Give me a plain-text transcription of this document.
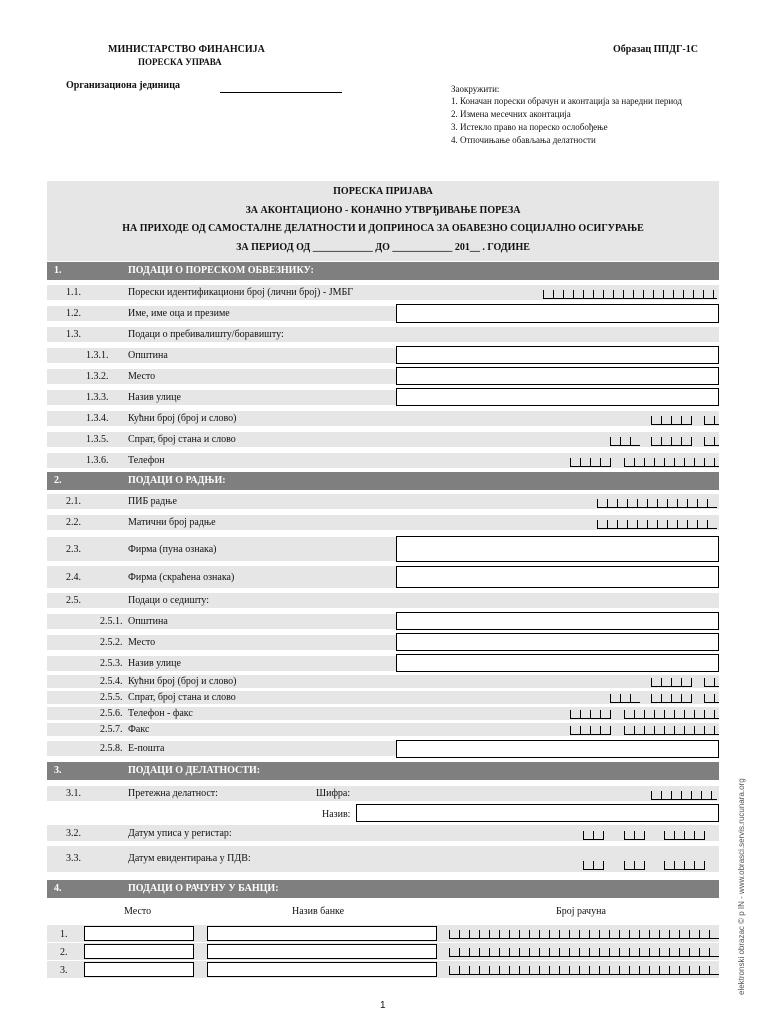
МИНИСТАРСТВО ФИНАНСИЈА
ПОРЕСКА УПРАВА
Образац ППДГ-1С
Организациона јединица	Заокружити:
1. Коначан порески обрачун и аконтација за наредни период
2. Измена месечних аконтација
3. Истекло право на пореско ослобођење
4. Отпочињање обављања делатности
ПОРЕСКА ПРИЈАВА
ЗА АКОНТАЦИОНО - КОНАЧНО УТВРЂИВАЊЕ ПОРЕЗА
НА ПРИХОДЕ ОД САМОСТАЛНЕ ДЕЛАТНОСТИ И ДОПРИНОСА ЗА ОБАВЕЗНО СОЦИЈАЛНО ОСИГУРАЊЕ
ЗА ПЕРИОД ОД ____________ ДО ____________ 201__ . ГОДИНЕ
1.	ПОДАЦИ О ПОРЕСКОМ ОБВЕЗНИКУ:
1.1.	Порески идентификациони број (лични број) - ЈМБГ
1.2.	Име, име оца и презиме
1.3.	Подаци о пребивалишту/боравишту:
1.3.1. Општина
1.3.2. Место
1.3.3. Назив улице
1.3.4. Кућни број (број и слово)
1.3.5. Спрат, број стана и слово
1.3.6. Телефон
2.	ПОДАЦИ О РАДЊИ:
2.1.	ПИБ радње
2.2.	Матични број радње
2.3.	Фирма (пуна ознака)
2.4.	Фирма (скраћена ознака)
2.5.	Подаци о седишту:
2.5.1. Општина
2.5.2. Место
2.5.3. Назив улице
2.5.4. Кућни број (број и слово)
2.5.5. Спрат, број стана и слово
2.5.6. Телефон - факс
2.5.7. Факс
2.5.8. Е-пошта
3.	ПОДАЦИ О ДЕЛАТНОСТИ:
3.1.	Претежна делатност:	Шифра:
Назив:
3.2.	Датум уписа у регистар:
3.3.	Датум евидентирања у ПДВ:
4.	ПОДАЦИ О РАЧУНУ У БАНЦИ:
Место	Назив банке	Број рачуна
1.
2.
3.	elektronski obrazac © p IN - www.obrasci.servis.rucunara.org
1
